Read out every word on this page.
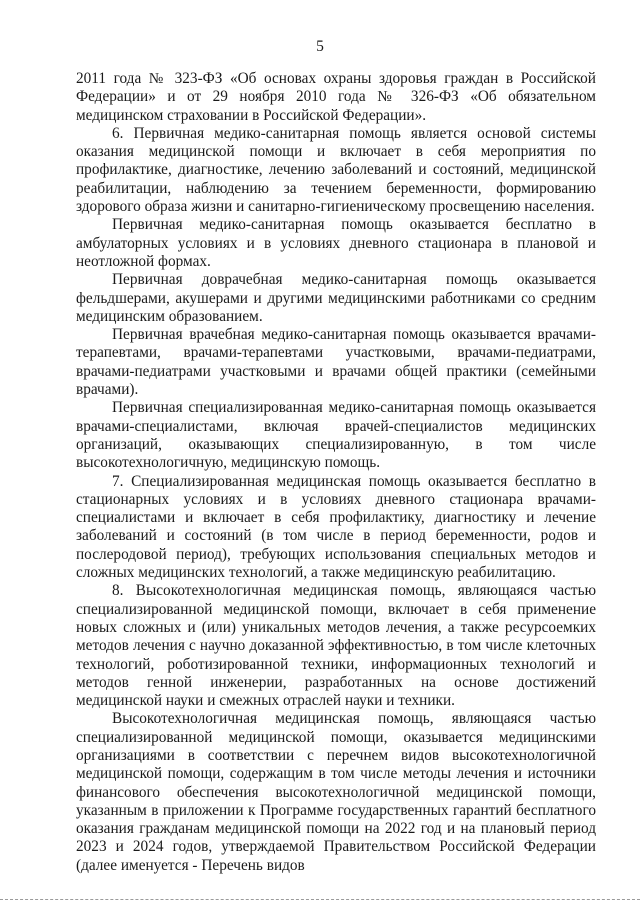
5

2011 года № 323-ФЗ «Об основах охраны здоровья граждан в Российской Федерации» и от 29 ноября 2010 года № 326-ФЗ «Об обязательном медицинском страховании в Российской Федерации».

6. Первичная медико-санитарная помощь является основой системы оказания медицинской помощи и включает в себя мероприятия по профилактике, диагностике, лечению заболеваний и состояний, медицинской реабилитации, наблюдению за течением беременности, формированию здорового образа жизни и санитарно-гигиеническому просвещению населения.

Первичная медико-санитарная помощь оказывается бесплатно в амбулаторных условиях и в условиях дневного стационара в плановой и неотложной формах.

Первичная доврачебная медико-санитарная помощь оказывается фельдшерами, акушерами и другими медицинскими работниками со средним медицинским образованием.

Первичная врачебная медико-санитарная помощь оказывается врачами-терапевтами, врачами-терапевтами участковыми, врачами-педиатрами, врачами-педиатрами участковыми и врачами общей практики (семейными врачами).

Первичная специализированная медико-санитарная помощь оказывается врачами-специалистами, включая врачей-специалистов медицинских организаций, оказывающих специализированную, в том числе высокотехнологичную, медицинскую помощь.

7. Специализированная медицинская помощь оказывается бесплатно в стационарных условиях и в условиях дневного стационара врачами-специалистами и включает в себя профилактику, диагностику и лечение заболеваний и состояний (в том числе в период беременности, родов и послеродовой период), требующих использования специальных методов и сложных медицинских технологий, а также медицинскую реабилитацию.

8. Высокотехнологичная медицинская помощь, являющаяся частью специализированной медицинской помощи, включает в себя применение новых сложных и (или) уникальных методов лечения, а также ресурсоемких методов лечения с научно доказанной эффективностью, в том числе клеточных технологий, роботизированной техники, информационных технологий и методов генной инженерии, разработанных на основе достижений медицинской науки и смежных отраслей науки и техники.

Высокотехнологичная медицинская помощь, являющаяся частью специализированной медицинской помощи, оказывается медицинскими организациями в соответствии с перечнем видов высокотехнологичной медицинской помощи, содержащим в том числе методы лечения и источники финансового обеспечения высокотехнологичной медицинской помощи, указанным в приложении к Программе государственных гарантий бесплатного оказания гражданам медицинской помощи на 2022 год и на плановый период 2023 и 2024 годов, утверждаемой Правительством Российской Федерации (далее именуется - Перечень видов
